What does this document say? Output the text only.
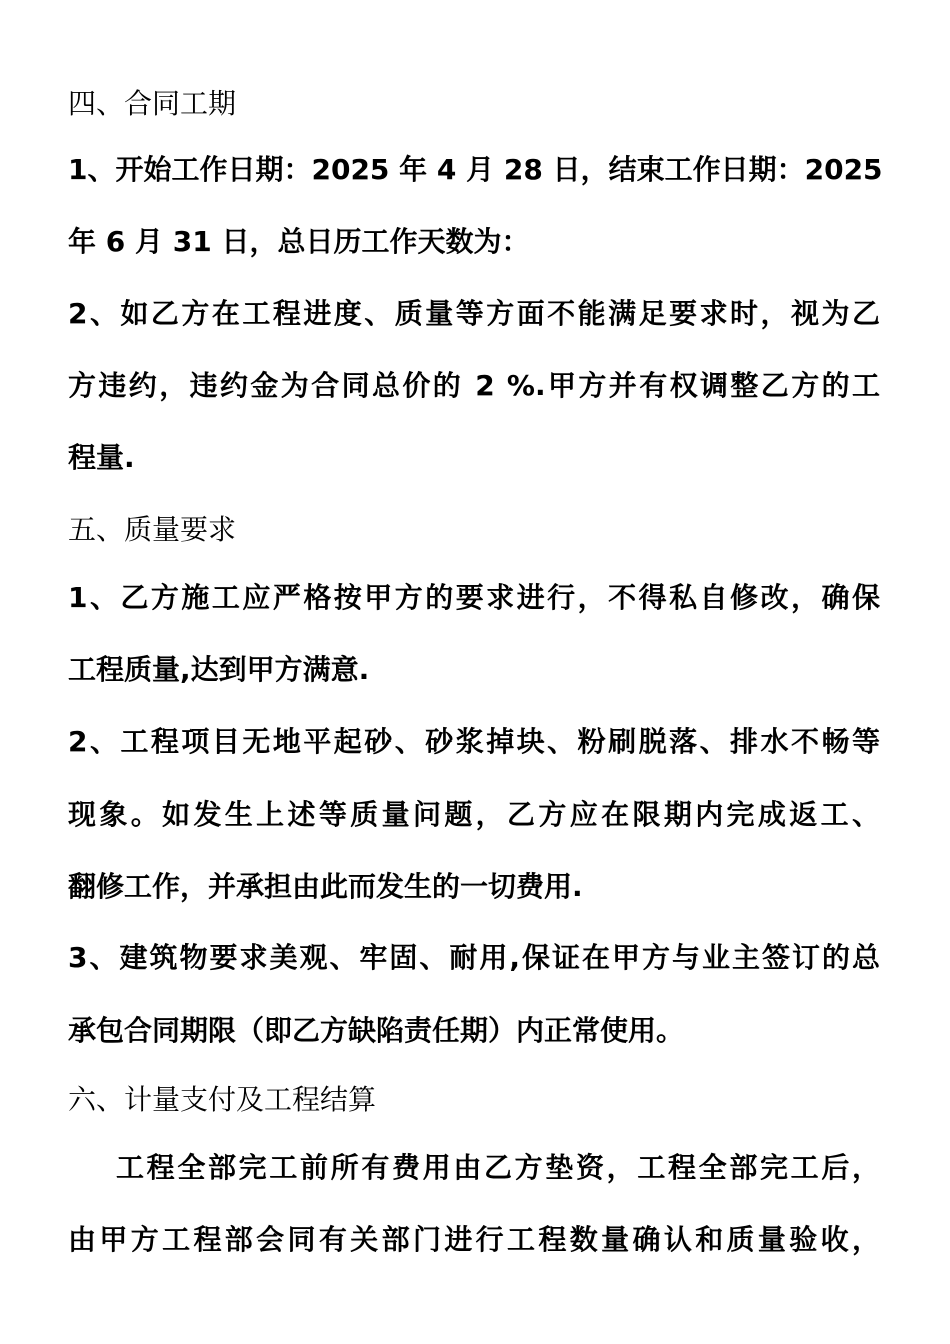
四、合同工期
1、开始工作日期：2025 年 4 月 28 日，结束工作日期：2025
年 6 月 31 日，总日历工作天数为：
2、如乙方在工程进度、质量等方面不能满足要求时，视为乙
方违约，违约金为合同总价的 2 %.甲方并有权调整乙方的工
程量.
五、质量要求
1、乙方施工应严格按甲方的要求进行，不得私自修改，确保
工程质量,达到甲方满意.
2、工程项目无地平起砂、砂浆掉块、粉刷脱落、排水不畅等
现象。如发生上述等质量问题，乙方应在限期内完成返工、
翻修工作，并承担由此而发生的一切费用.
3、建筑物要求美观、牢固、耐用,保证在甲方与业主签订的总
承包合同期限（即乙方缺陷责任期）内正常使用。
六、计量支付及工程结算
工程全部完工前所有费用由乙方垫资，工程全部完工后，
由甲方工程部会同有关部门进行工程数量确认和质量验收，
